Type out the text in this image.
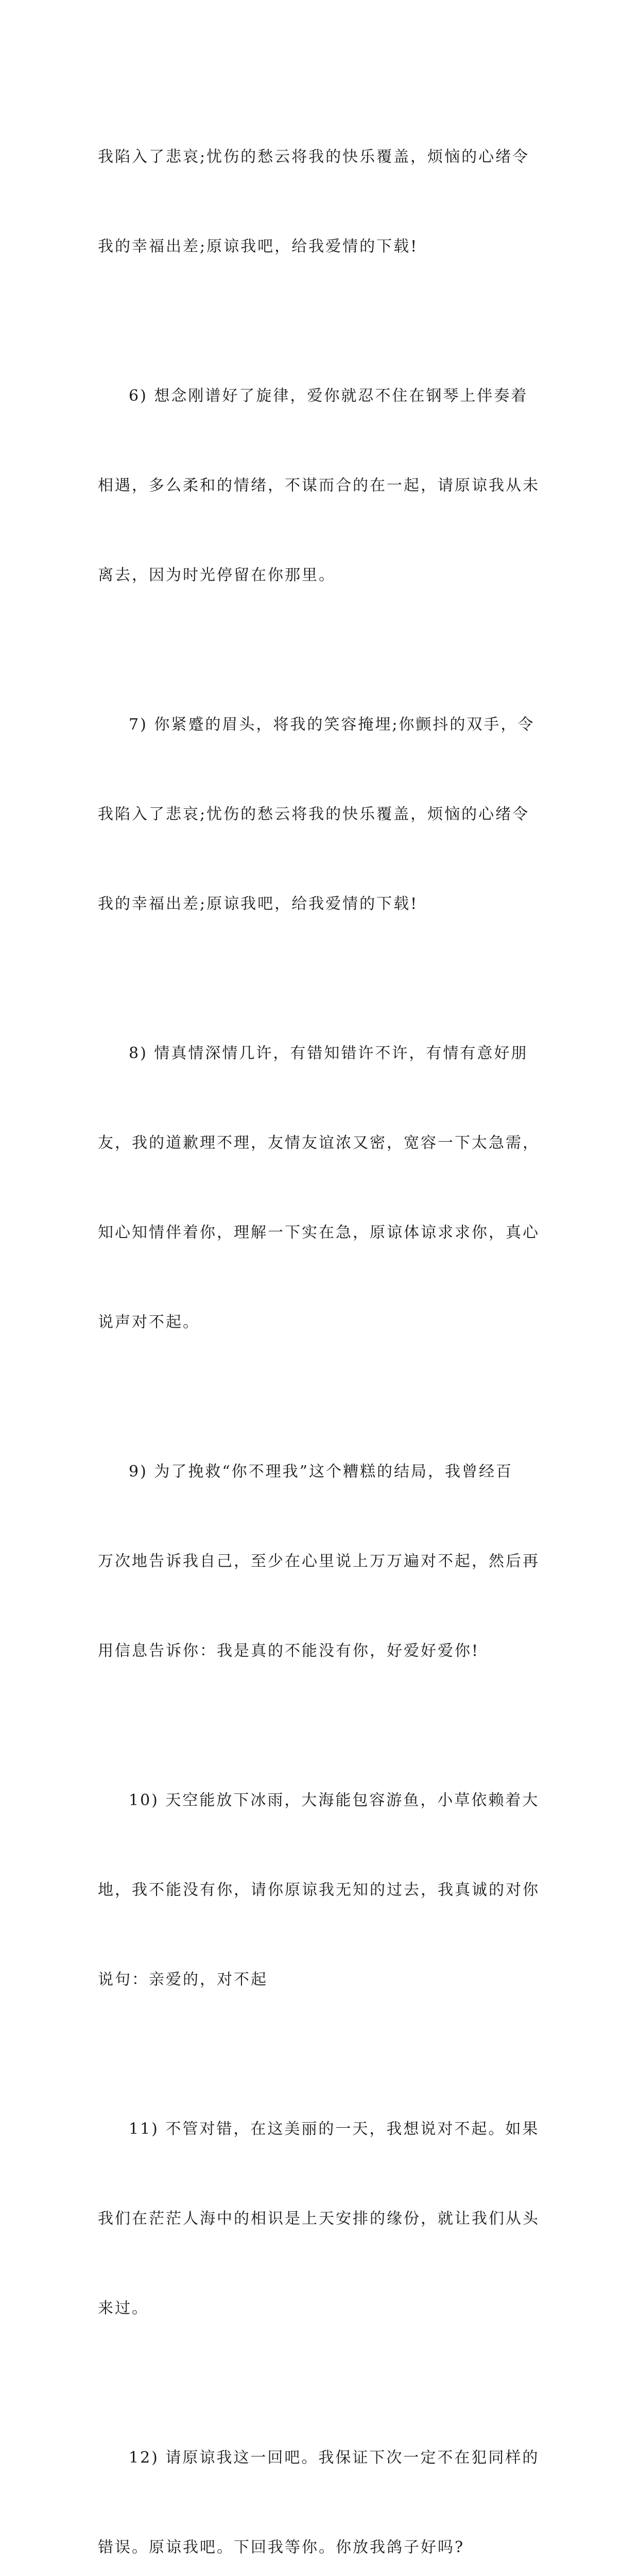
我陷入了悲哀;忧伤的愁云将我的快乐覆盖，烦恼的心绪令

我的幸福出差;原谅我吧，给我爱情的下载!

6) 想念刚谱好了旋律，爱你就忍不住在钢琴上伴奏着

相遇，多么柔和的情绪，不谋而合的在一起，请原谅我从未

离去，因为时光停留在你那里。

7) 你紧蹙的眉头，将我的笑容掩埋;你颤抖的双手，令

我陷入了悲哀;忧伤的愁云将我的快乐覆盖，烦恼的心绪令

我的幸福出差;原谅我吧，给我爱情的下载!

8) 情真情深情几许，有错知错许不许，有情有意好朋

友，我的道歉理不理，友情友谊浓又密，宽容一下太急需，

知心知情伴着你，理解一下实在急，原谅体谅求求你，真心

说声对不起。

9) 为了挽救“你不理我”这个糟糕的结局，我曾经百

万次地告诉我自己，至少在心里说上万万遍对不起，然后再

用信息告诉你：我是真的不能没有你，好爱好爱你!

10) 天空能放下冰雨，大海能包容游鱼，小草依赖着大

地，我不能没有你，请你原谅我无知的过去，我真诚的对你

说句：亲爱的，对不起

11) 不管对错，在这美丽的一天，我想说对不起。如果

我们在茫茫人海中的相识是上天安排的缘份，就让我们从头

来过。

12) 请原谅我这一回吧。我保证下次一定不在犯同样的

错误。原谅我吧。下回我等你。你放我鸽子好吗?
